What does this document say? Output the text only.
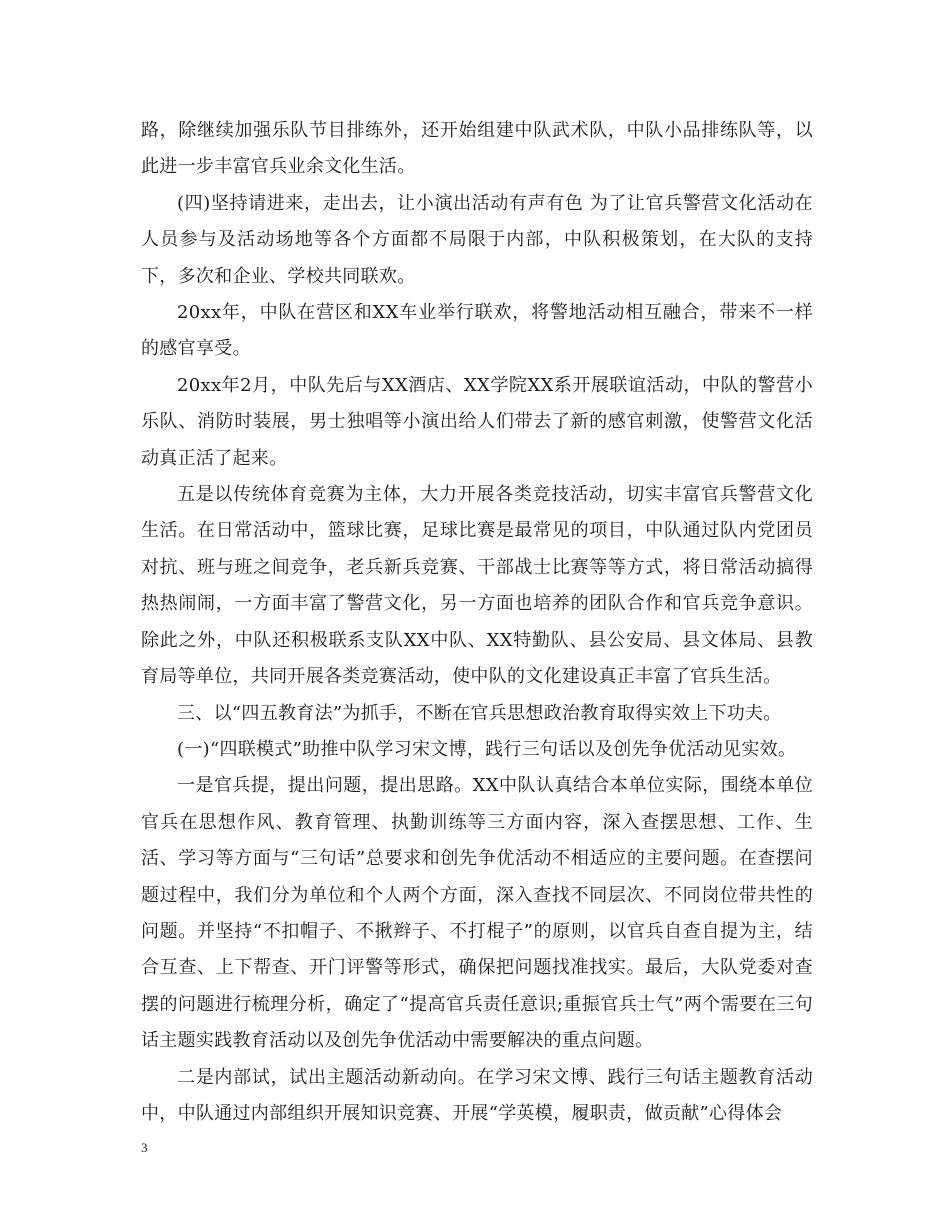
路，除继续加强乐队节目排练外，还开始组建中队武术队，中队小品排练队等，以此进一步丰富官兵业余文化生活。

(四)坚持请进来，走出去，让小演出活动有声有色 为了让官兵警营文化活动在人员参与及活动场地等各个方面都不局限于内部，中队积极策划，在大队的支持下，多次和企业、学校共同联欢。

20xx年，中队在营区和XX车业举行联欢，将警地活动相互融合，带来不一样的感官享受。

20xx年2月，中队先后与XX酒店、XX学院XX系开展联谊活动，中队的警营小乐队、消防时装展，男士独唱等小演出给人们带去了新的感官刺激，使警营文化活动真正活了起来。

五是以传统体育竞赛为主体，大力开展各类竞技活动，切实丰富官兵警营文化生活。在日常活动中，篮球比赛，足球比赛是最常见的项目，中队通过队内党团员对抗、班与班之间竞争，老兵新兵竞赛、干部战士比赛等等方式，将日常活动搞得热热闹闹，一方面丰富了警营文化，另一方面也培养的团队合作和官兵竞争意识。除此之外，中队还积极联系支队XX中队、XX特勤队、县公安局、县文体局、县教育局等单位，共同开展各类竞赛活动，使中队的文化建设真正丰富了官兵生活。

三、以“四五教育法”为抓手，不断在官兵思想政治教育取得实效上下功夫。

(一)“四联模式”助推中队学习宋文博，践行三句话以及创先争优活动见实效。

一是官兵提，提出问题，提出思路。XX中队认真结合本单位实际，围绕本单位官兵在思想作风、教育管理、执勤训练等三方面内容，深入查摆思想、工作、生活、学习等方面与“三句话”总要求和创先争优活动不相适应的主要问题。在查摆问题过程中，我们分为单位和个人两个方面，深入查找不同层次、不同岗位带共性的问题。并坚持“不扣帽子、不揪辫子、不打棍子”的原则，以官兵自查自提为主，结合互查、上下帮查、开门评警等形式，确保把问题找准找实。最后，大队党委对查摆的问题进行梳理分析，确定了“提高官兵责任意识;重振官兵士气”两个需要在三句话主题实践教育活动以及创先争优活动中需要解决的重点问题。

二是内部试，试出主题活动新动向。在学习宋文博、践行三句话主题教育活动中，中队通过内部组织开展知识竞赛、开展“学英模，履职责，做贡献”心得体会

3
